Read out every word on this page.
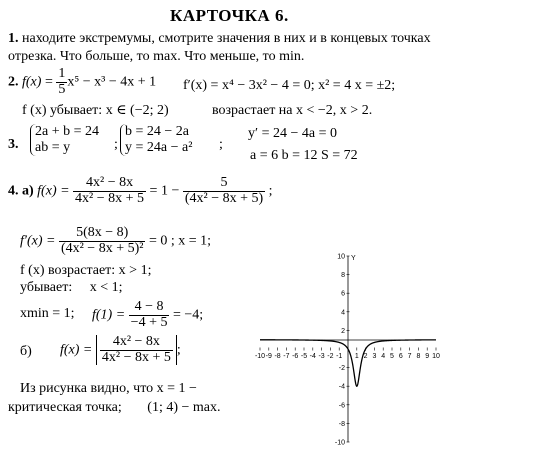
КАРТОЧКА 6.
1. находите экстремумы, смотрите значения в них и в концевых точках
отрезка. Что больше, то max. Что меньше, то min.
2. $f(x) = \frac{1}{5} x^5 - x^3 - 4x + 1$ f′(x) = x⁴ − 3x² − 4 = 0; x² = 4 x = ±2;
f (x) убывает: x ∈ (−2; 2)	возрастает на x < −2, x > 2.
3.
2a + b = 24
ab = y	;
b = 24 − 2a
y = 24a − a² ;
y′ = 24 − 4a = 0
a = 6 b = 12 S = 72
4. а) $f(x) = \frac{\text{4x² − 8x}}{\text{4x² − 8x + 5}} = 1 - \frac{5}{\text{(4x² − 8x + 5)}}$ ;
$f'(x) = \frac{5(8x - 8)}{\text{(4x² − 8x + 5)²}} = 0$ ; x = 1;
f (x) возрастает: x > 1;
убывает: x < 1;
xmin = 1; $f(1) = \frac{4 - 8}{-4 + 5} = -4$;
б) $f(x) = \frac{\text{4x² − 8x}}{\text{4x² − 8x + 5}}$ ;
Из рисунка видно, что x = 1 −
критическая точка; (1; 4) − max.
-10 -9 -8 -7 -6 -5 -4 -3 -2 -1 1 2 3 4 5 6 7 8 9 10
10
8
6
4
2
-2
-4
-6
-8
-10
Y
